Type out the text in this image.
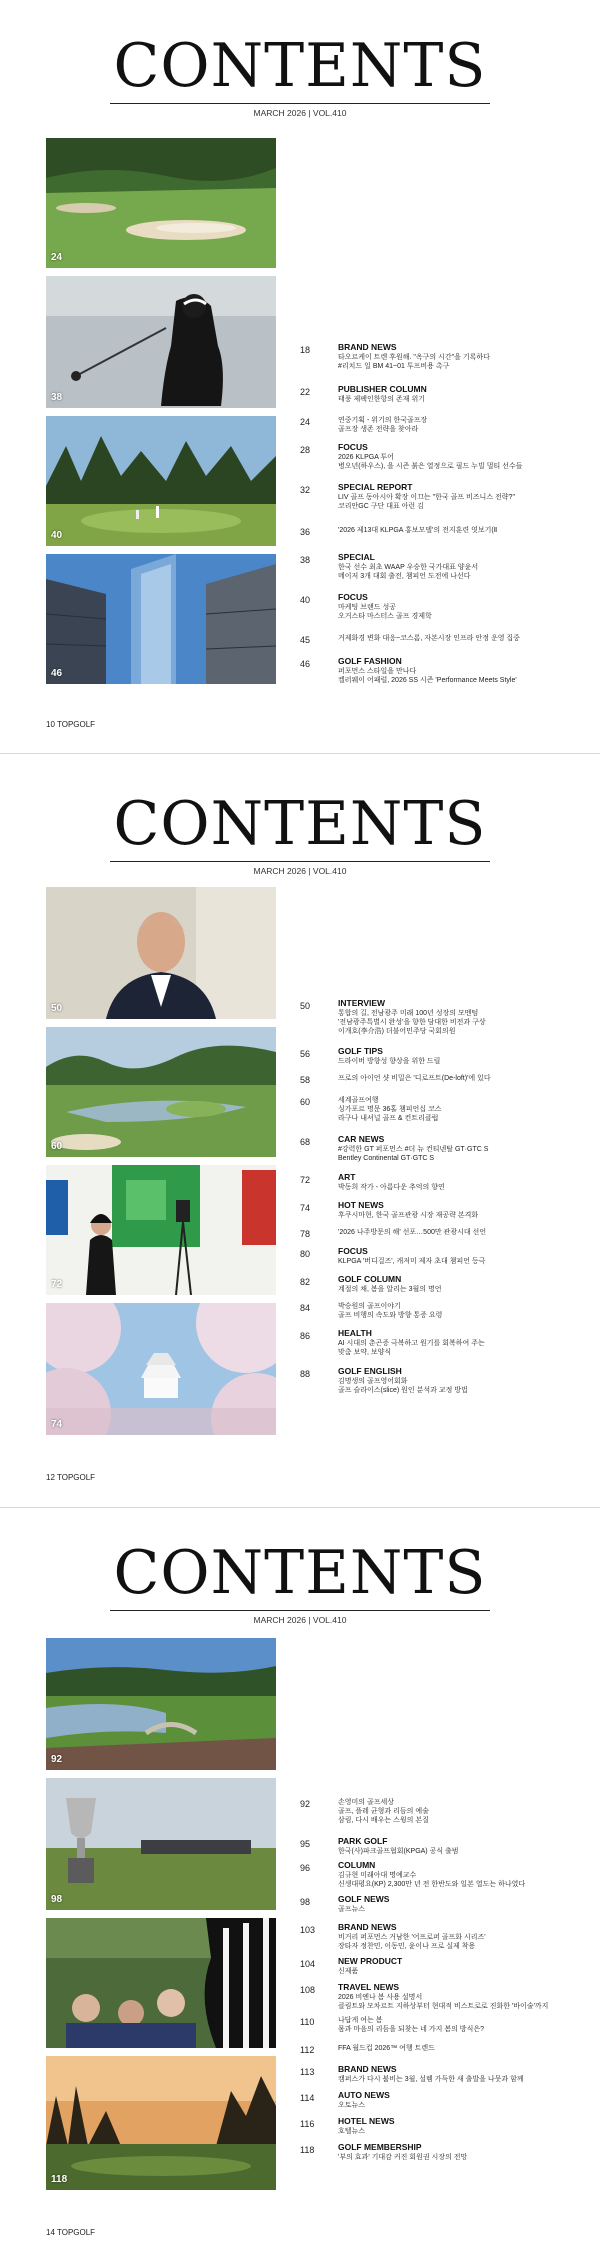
CONTENTS
MARCH 2026 | VOL.410
24
38
40
46
18	BRAND NEWS
타오르케이 트렌 후원해. "옥구의 시간"을 기록하다
#리치드 일 BM 41~01 투프비용 촉구
22	PUBLISHER COLUMN
태풍 제팩인한항의 존재 위기
24	연중기획 - 위기의 한국골프장
골프장 생존 전략을 찾아라
28	FOCUS
2026 KLPGA 투어
병오년(하우스), 을 시즌 붉은 열정으로 필드 누빌 멀티 선수들
32	SPECIAL REPORT
LIV 골프 동아시아 확장 이끄는 "한국 골프 비즈니스 전략?"
코리안GC 구단 대표 아런 김
36	'2026 제13대 KLPGA 홍보모델'의 전지훈련 엿보기(Ⅱ
38	SPECIAL
한국 선수 최초 WAAP 우승한 국가대표 양윤서
메이저 3개 대회 출전, 챔피언 도전에 나선다
40	FOCUS
마케팅 브랜드 성공
오거스타 마스터스 골프 경제학
45	거제화경 변화 대응~코스롬, 자본시장 인프라 안정 운영 집중
46	GOLF FASHION
퍼포먼스 스타일을 만나다
켈러웨이 어패럴, 2026 SS 시즌 'Performance Meets Style'
10 TOPGOLF
CONTENTS
MARCH 2026 | VOL.410
50
60
72
74
50	INTERVIEW
통합의 길, 전남광주 미래 100년 성장의 모멘텀
'전남광주특별시 완성'을 향한 담대한 비전과 구상
이개호(李介浩) 더불어민주당 국회의원
56	GOLF TIPS
드라이버 방향성 향상을 위한 드릴
58	프로의 아이언 샷 비밀은 '디로프트(De-loft)'에 있다
60	세계골프여행
싱가포르 명문 36홀 챔피언십 코스
라구나 내셔널 골프 & 컨트리클럽
68	CAR NEWS
#강력한 GT 퍼포먼스 #더 뉴 컨티넨탈 GT·GTC S
Bentley Continental GT·GTC S
72	ART
박동희 작가 - 아름다운 추억의 향연
74	HOT NEWS
후쿠시마현, 한국 골프관광 시장 재공략 본격화
78	'2026 나주방문의 해' 선포…500만 관광시대 선언
80	FOCUS
KLPGA '버디걸즈', 캐저미 제자 초대 챔피언 등극
82	GOLF COLUMN
계절의 채, 봄을 알리는 3월의 명언
84	박승원의 골프이야기
골프 비행의 속도와 방향 통증 요령
86	HEALTH
AI 시대의 춘곤증 극복하고 원기를 회복하여 주는
맞춤 보약, 보양식
88	GOLF ENGLISH
김명생의 골프영어회화
골프 슬라이스(slice) 원인 분석과 교정 방법
12 TOPGOLF
CONTENTS
MARCH 2026 | VOL.410
92
98
118
92	손영미의 골프세상
골프, 플레 균형과 리듬의 예술
삼림, 다시 배우는 스윙의 본질
95	PARK GOLF
한국(사)파크골프협회(KPGA) 공식 출범
96	COLUMN
김규현 미래아대 명예교수
신생대평요(KP) 2,300만 년 전 한반도와 일본 열도는 하나였다
98	GOLF NEWS
골프뉴스
103	BRAND NEWS
비거리 퍼포먼스 거남한 '어프로퍼 골프화 시리즈'
장타자 정찬민, 이동민, 윤이나 프로 실제 착용
104	NEW PRODUCT
신제품
108	TRAVEL NEWS
2026 비엔나 봄 사용 설명서
클림트와 모차르트 지하상부터 현대적 비스트로로 진화한 '바이술'까지
110	나답게 여는 봄
몸과 마음의 리듬을 되찾는 네 가지 봄의 방식은?
112	FFA 월드컵 2026™ 여행 트렌드
113	BRAND NEWS
캠퍼스가 다시 붐비는 3월, 설렘 가득한 새 출발을 나뭇과 함께
114	AUTO NEWS
오토뉴스
116	HOTEL NEWS
호텔뉴스
118	GOLF MEMBERSHIP
'부의 효과' 기대감 커진 회원권 시장의 전망
14 TOPGOLF
